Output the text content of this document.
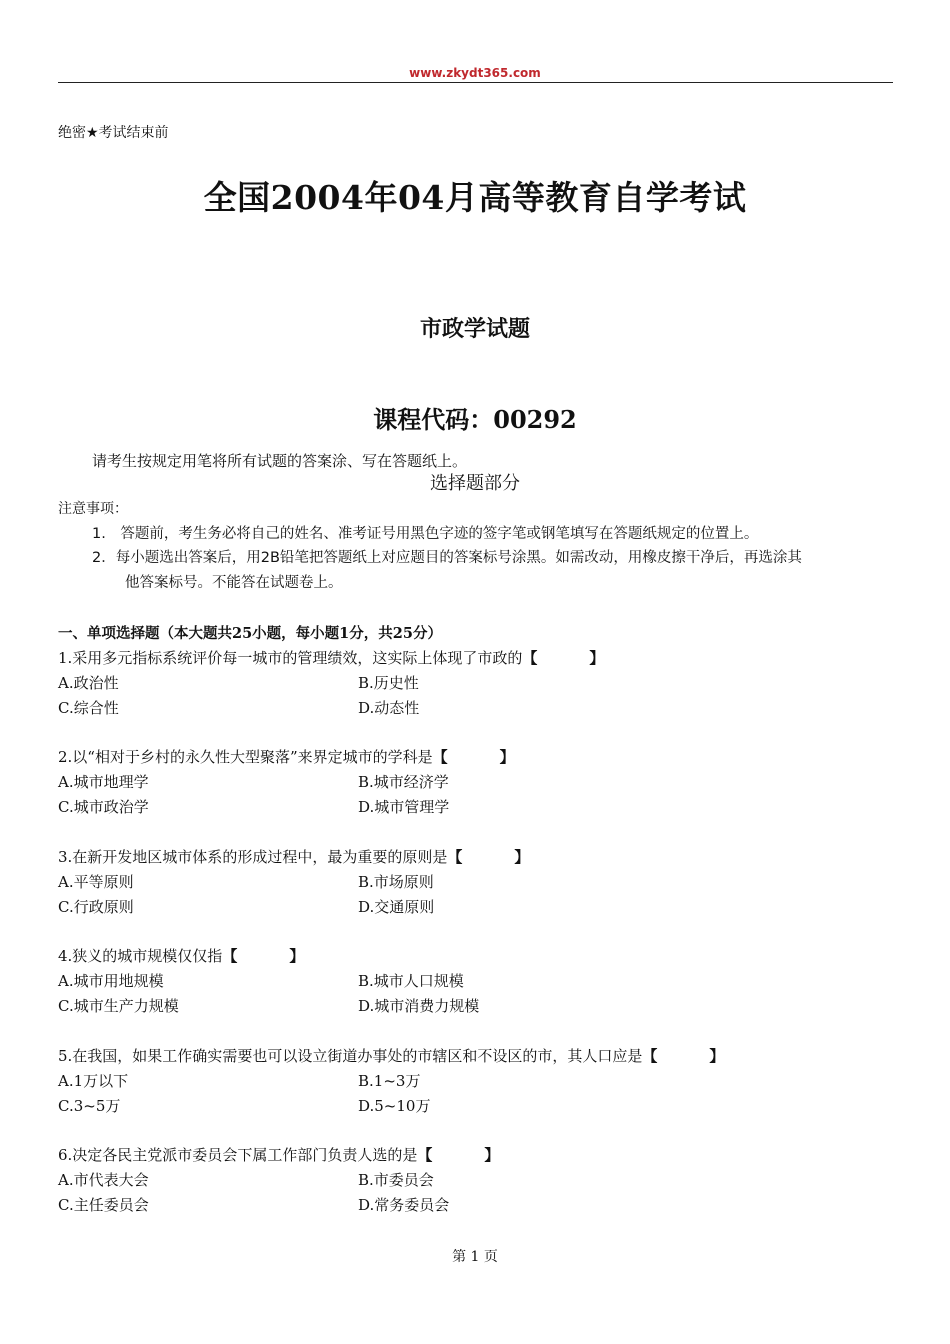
www.zkydt365.com
绝密★考试结束前
全国2004年04月高等教育自学考试
市政学试题
课程代码：00292
请考生按规定用笔将所有试题的答案涂、写在答题纸上。
选择题部分
注意事项：
1.　答题前，考生务必将自己的姓名、准考证号用黑色字迹的签字笔或钢笔填写在答题纸规定的位置上。
2．每小题选出答案后，用2B铅笔把答题纸上对应题目的答案标号涂黑。如需改动，用橡皮擦干净后，再选涂其
他答案标号。不能答在试题卷上。
一、单项选择题（本大题共25小题，每小题1分，共25分）
1.采用多元指标系统评价每一城市的管理绩效，这实际上体现了市政的【	】
A.政治性	B.历史性
C.综合性	D.动态性
2.以“相对于乡村的永久性大型聚落”来界定城市的学科是【	】
A.城市地理学	B.城市经济学
C.城市政治学	D.城市管理学
3.在新开发地区城市体系的形成过程中，最为重要的原则是【	】
A.平等原则	B.市场原则
C.行政原则	D.交通原则
4.狭义的城市规模仅仅指【	】
A.城市用地规模	B.城市人口规模
C.城市生产力规模	D.城市消费力规模
5.在我国，如果工作确实需要也可以设立街道办事处的市辖区和不设区的市，其人口应是【	】
A.1万以下	B.1~3万
C.3~5万	D.5~10万
6.决定各民主党派市委员会下属工作部门负责人选的是【	】
A.市代表大会	B.市委员会
C.主任委员会	D.常务委员会
第 1 页
